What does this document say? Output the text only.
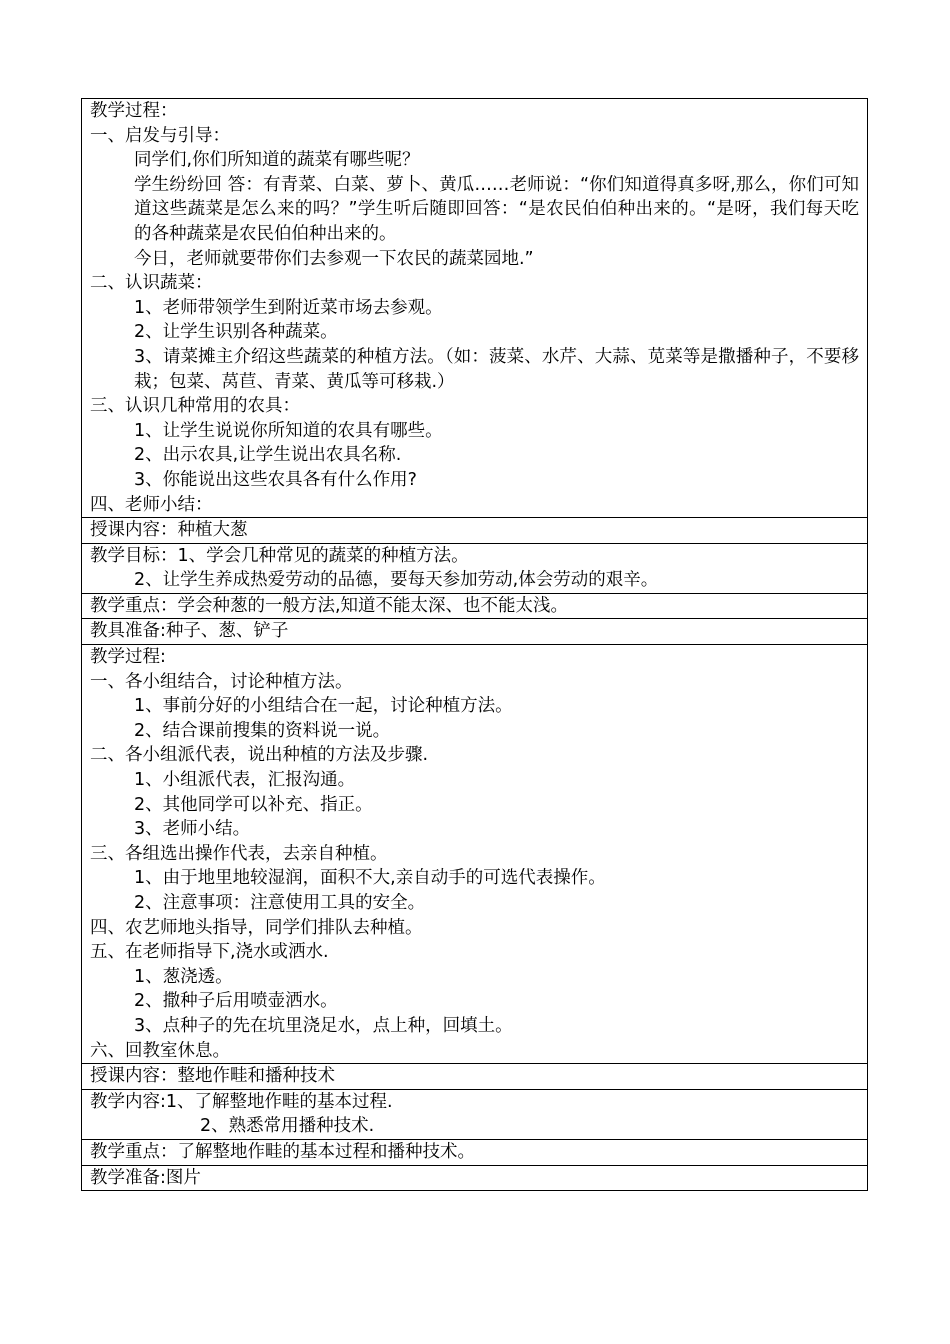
教学过程：
一、启发与引导：
同学们,你们所知道的蔬菜有哪些呢？
学生纷纷回 答：有青菜、白菜、萝卜、黄瓜……老师说：“你们知道得真多呀,那么，你们可知道这些蔬菜是怎么来的吗？”学生听后随即回答：“是农民伯伯种出来的。“是呀，我们每天吃的各种蔬菜是农民伯伯种出来的。
今日，老师就要带你们去参观一下农民的蔬菜园地.”
二、认识蔬菜：
1、老师带领学生到附近菜市场去参观。
2、让学生识别各种蔬菜。
3、请菜摊主介绍这些蔬菜的种植方法。（如：菠菜、水芹、大蒜、苋菜等是撒播种子，不要移栽；包菜、莴苣、青菜、黄瓜等可移栽.）
三、认识几种常用的农具：
1、让学生说说你所知道的农具有哪些。
2、出示农具,让学生说出农具名称.
3、你能说出这些农具各有什么作用?
四、老师小结：

授课内容：种植大葱

教学目标：1、学会几种常见的蔬菜的种植方法。
2、让学生养成热爱劳动的品德，要每天参加劳动,体会劳动的艰辛。

教学重点：学会种葱的一般方法,知道不能太深、也不能太浅。

教具准备:种子、葱、铲子

教学过程:
一、各小组结合，讨论种植方法。
1、事前分好的小组结合在一起，讨论种植方法。
2、结合课前搜集的资料说一说。
二、各小组派代表，说出种植的方法及步骤.
1、小组派代表，汇报沟通。
2、其他同学可以补充、指正。
3、老师小结。
三、各组选出操作代表，去亲自种植。
1、由于地里地较湿润，面积不大,亲自动手的可选代表操作。
2、注意事项：注意使用工具的安全。
四、农艺师地头指导，同学们排队去种植。
五、在老师指导下,浇水或洒水.
1、葱浇透。
2、撒种子后用喷壶洒水。
3、点种子的先在坑里浇足水，点上种，回填土。
六、回教室休息。

授课内容：整地作畦和播种技术

教学内容:1、了解整地作畦的基本过程.
2、熟悉常用播种技术.

教学重点：了解整地作畦的基本过程和播种技术。

教学准备:图片
